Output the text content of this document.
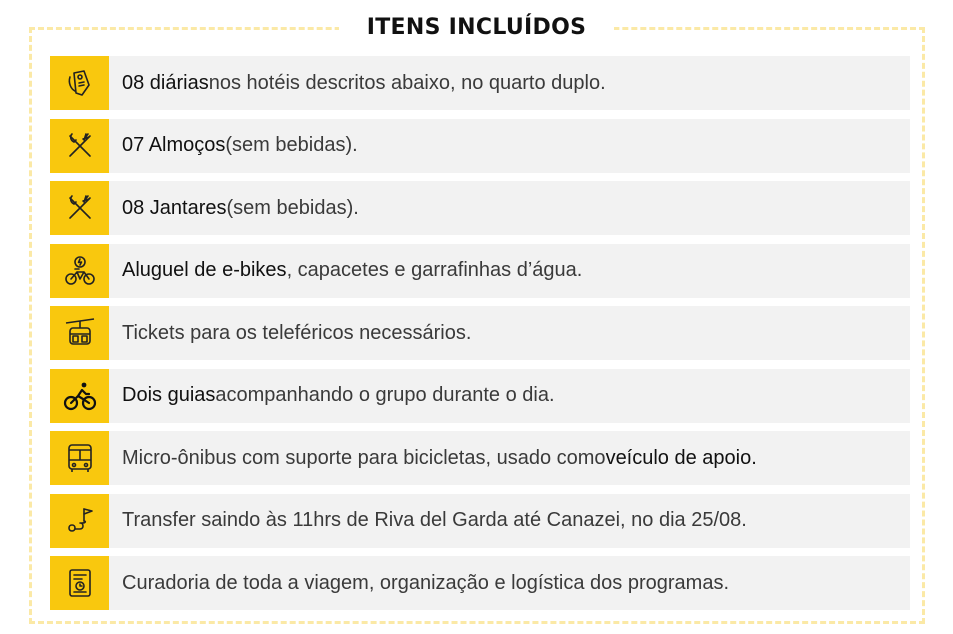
ITENS INCLUÍDOS
08 diárias nos hotéis descritos abaixo, no quarto duplo.
07 Almoços (sem bebidas).
08 Jantares (sem bebidas).
Aluguel de e-bikes , capacetes e garrafinhas d’água.
Tickets para os teleféricos necessários.
Dois guias acompanhando o grupo durante o dia.
Micro-ônibus com suporte para bicicletas, usado como veículo de apoio.
Transfer saindo às 11hrs de Riva del Garda até Canazei, no dia 25/08.
Curadoria de toda a viagem, organização e logística dos programas.
